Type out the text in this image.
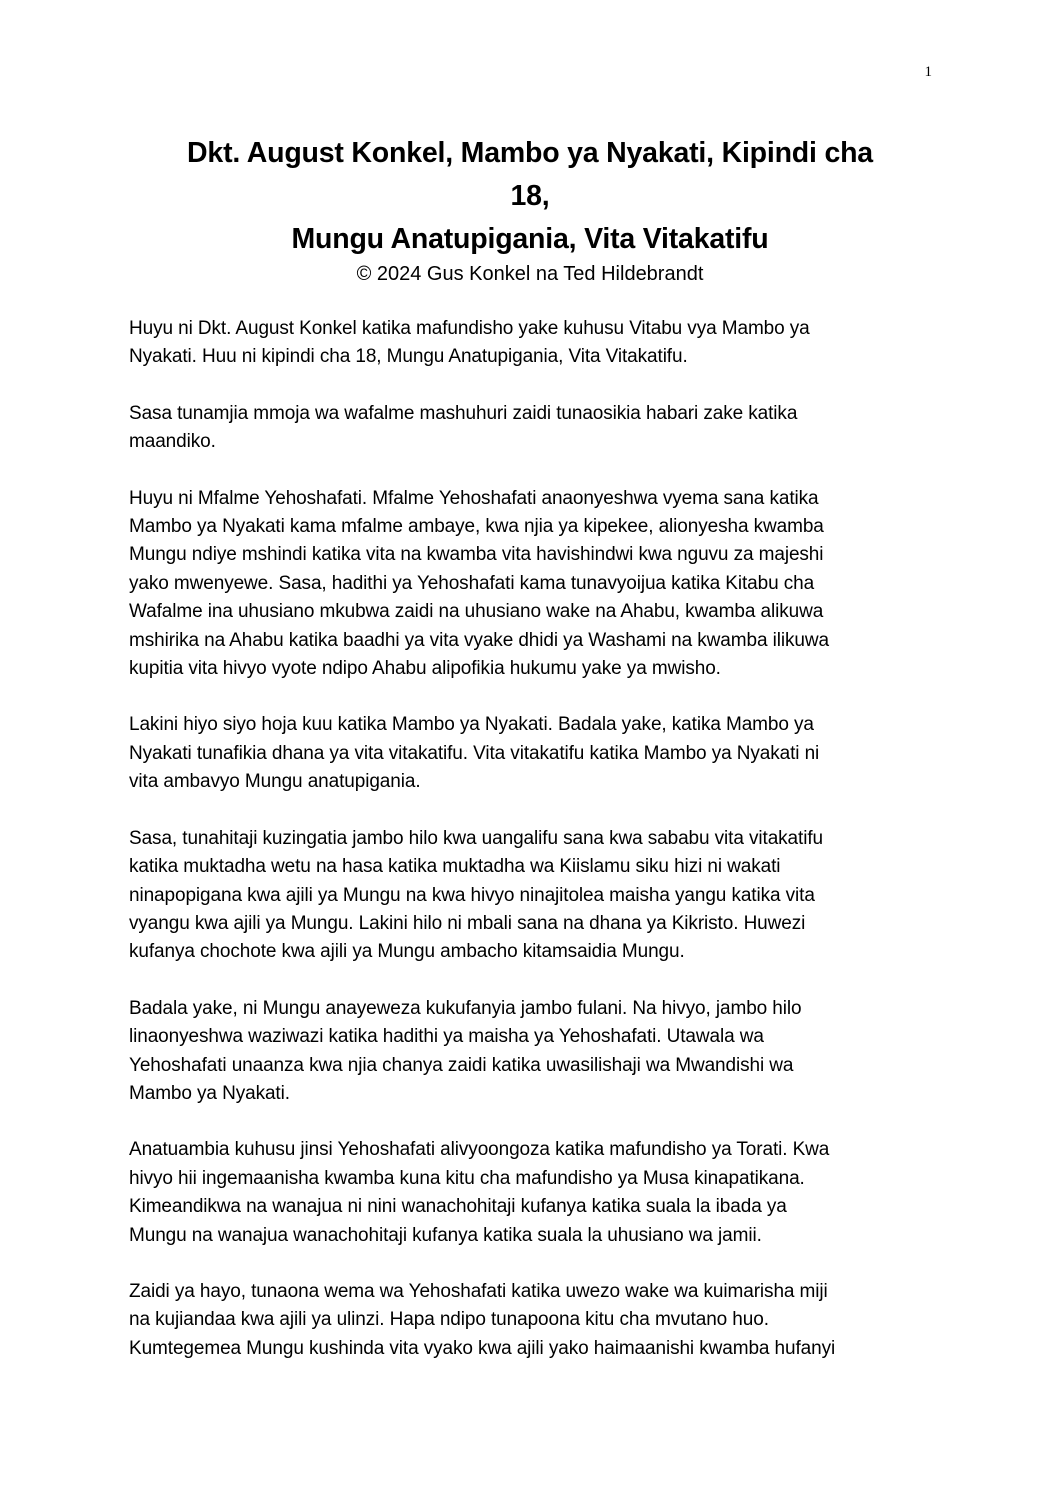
1
Dkt. August Konkel, Mambo ya Nyakati, Kipindi cha
18,
Mungu Anatupigania, Vita Vitakatifu
© 2024 Gus Konkel na Ted Hildebrandt
Huyu ni Dkt. August Konkel katika mafundisho yake kuhusu Vitabu vya Mambo ya
Nyakati. Huu ni kipindi cha 18, Mungu Anatupigania, Vita Vitakatifu.
Sasa tunamjia mmoja wa wafalme mashuhuri zaidi tunaosikia habari zake katika
maandiko.
Huyu ni Mfalme Yehoshafati. Mfalme Yehoshafati anaonyeshwa vyema sana katika
Mambo ya Nyakati kama mfalme ambaye, kwa njia ya kipekee, alionyesha kwamba
Mungu ndiye mshindi katika vita na kwamba vita havishindwi kwa nguvu za majeshi
yako mwenyewe. Sasa, hadithi ya Yehoshafati kama tunavyoijua katika Kitabu cha
Wafalme ina uhusiano mkubwa zaidi na uhusiano wake na Ahabu, kwamba alikuwa
mshirika na Ahabu katika baadhi ya vita vyake dhidi ya Washami na kwamba ilikuwa
kupitia vita hivyo vyote ndipo Ahabu alipofikia hukumu yake ya mwisho.
Lakini hiyo siyo hoja kuu katika Mambo ya Nyakati. Badala yake, katika Mambo ya
Nyakati tunafikia dhana ya vita vitakatifu. Vita vitakatifu katika Mambo ya Nyakati ni
vita ambavyo Mungu anatupigania.
Sasa, tunahitaji kuzingatia jambo hilo kwa uangalifu sana kwa sababu vita vitakatifu
katika muktadha wetu na hasa katika muktadha wa Kiislamu siku hizi ni wakati
ninapopigana kwa ajili ya Mungu na kwa hivyo ninajitolea maisha yangu katika vita
vyangu kwa ajili ya Mungu. Lakini hilo ni mbali sana na dhana ya Kikristo. Huwezi
kufanya chochote kwa ajili ya Mungu ambacho kitamsaidia Mungu.
Badala yake, ni Mungu anayeweza kukufanyia jambo fulani. Na hivyo, jambo hilo
linaonyeshwa waziwazi katika hadithi ya maisha ya Yehoshafati. Utawala wa
Yehoshafati unaanza kwa njia chanya zaidi katika uwasilishaji wa Mwandishi wa
Mambo ya Nyakati.
Anatuambia kuhusu jinsi Yehoshafati alivyoongoza katika mafundisho ya Torati. Kwa
hivyo hii ingemaanisha kwamba kuna kitu cha mafundisho ya Musa kinapatikana.
Kimeandikwa na wanajua ni nini wanachohitaji kufanya katika suala la ibada ya
Mungu na wanajua wanachohitaji kufanya katika suala la uhusiano wa jamii.
Zaidi ya hayo, tunaona wema wa Yehoshafati katika uwezo wake wa kuimarisha miji
na kujiandaa kwa ajili ya ulinzi. Hapa ndipo tunapoona kitu cha mvutano huo.
Kumtegemea Mungu kushinda vita vyako kwa ajili yako haimaanishi kwamba hufanyi
